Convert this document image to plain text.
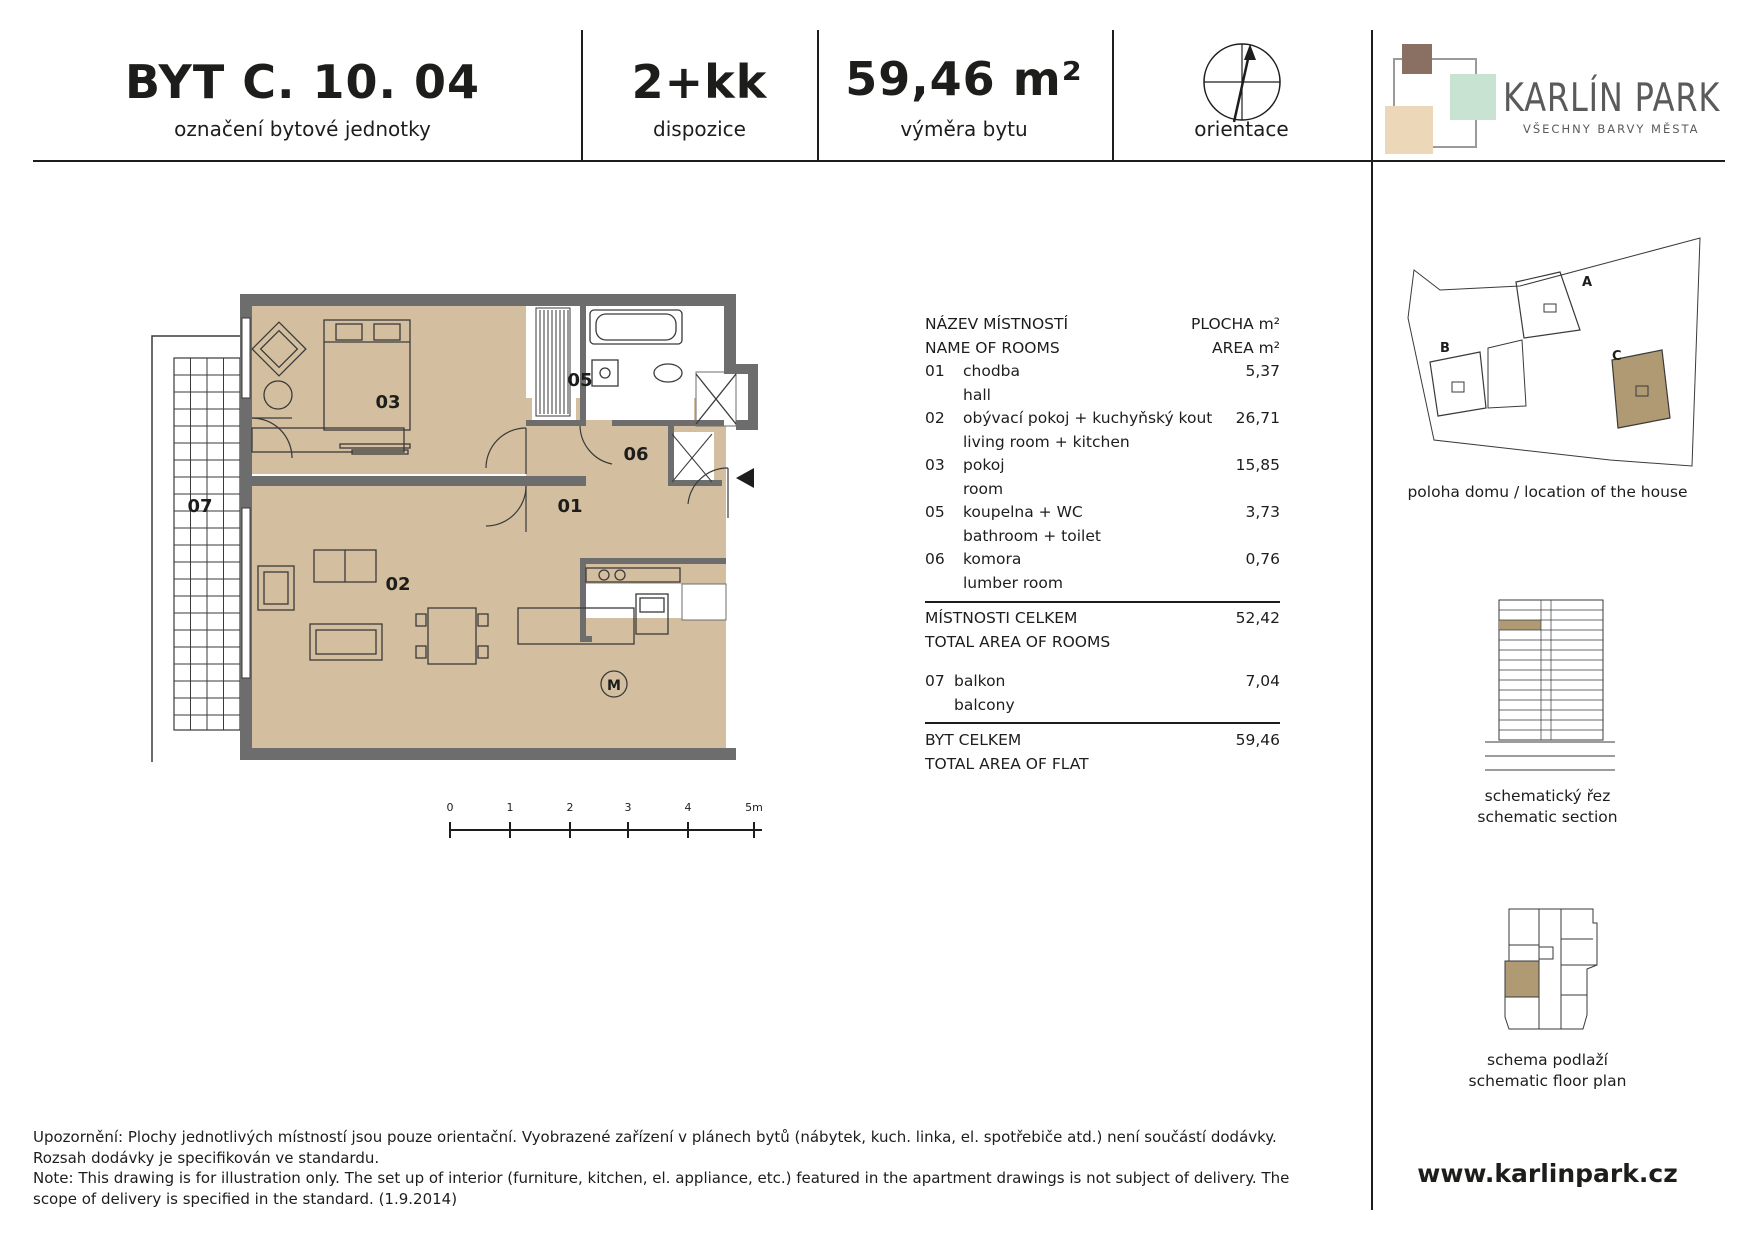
BYT C. 10. 04
označení bytové jednotky
2+kk
dispozice
59,46 m²
výměra bytu	orientace
KARLÍN PARK
VŠECHNY BARVY MĚSTA
M
03
05
06
07	01
02
0	1	2	3	4	5m
NÁZEV MÍSTNOSTÍ	PLOCHA m²
NAME OF ROOMS	AREA m²
01 chodba	5,37
hall
02 obývací pokoj + kuchyňský kout 26,71
living room + kitchen
03 pokoj	15,85
room
05 koupelna + WC	3,73
bathroom + toilet
06 komora	0,76
lumber room
MÍSTNOSTI CELKEM	52,42
TOTAL AREA OF ROOMS
07 balkon	7,04
balcony
BYT CELKEM	59,46
TOTAL AREA OF FLAT
A
B
C
poloha domu / location of the house
schematický řez
schematic section
schema podlaží
schematic floor plan
Upozornění: Plochy jednotlivých místností jsou pouze orientační. Vyobrazené zařízení v plánech bytů (nábytek, kuch. linka, el. spotřebiče atd.) není součástí dodávky. Rozsah dodávky je specifikován ve standardu.
Note: This drawing is for illustration only. The set up of interior (furniture, kitchen, el. appliance, etc.) featured in the apartment drawings is not subject of delivery. The scope of delivery is specified in the standard. (1.9.2014)
www.karlinpark.cz
